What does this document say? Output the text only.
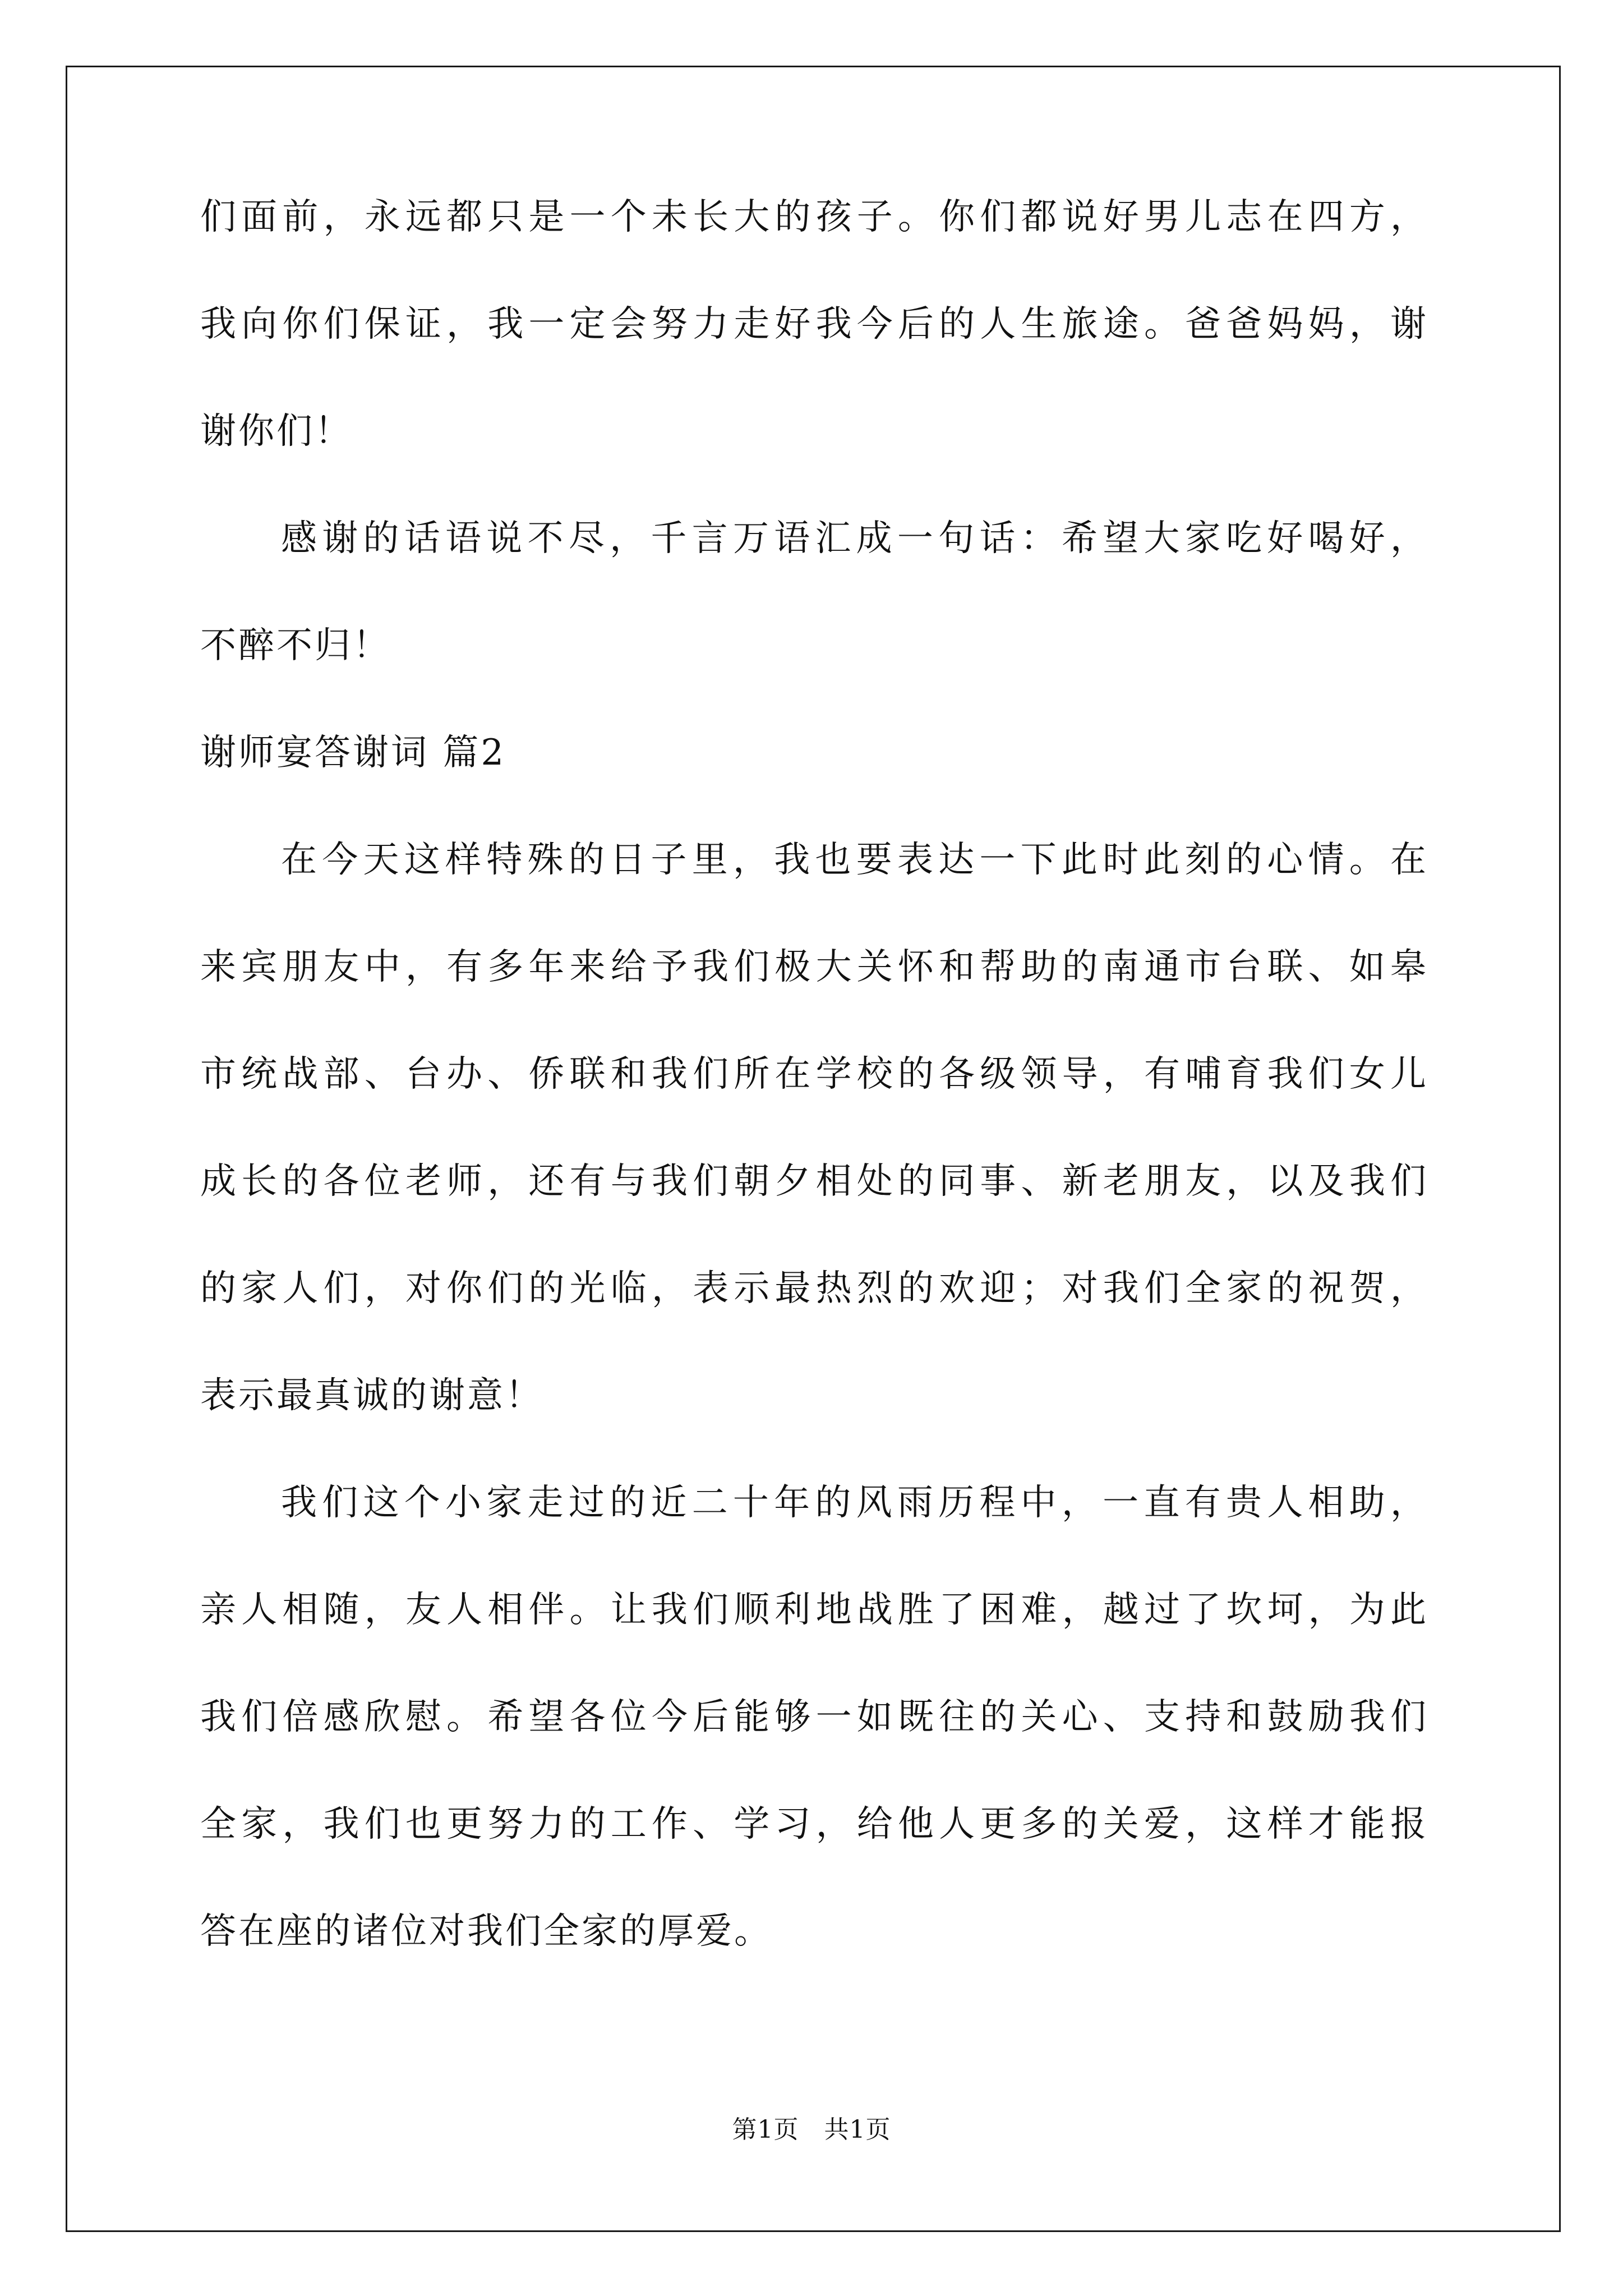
们面前，永远都只是一个未长大的孩子。你们都说好男儿志在四方，
我向你们保证，我一定会努力走好我今后的人生旅途。爸爸妈妈，谢
谢你们！
感谢的话语说不尽，千言万语汇成一句话：希望大家吃好喝好，
不醉不归！
谢师宴答谢词 篇2
在今天这样特殊的日子里，我也要表达一下此时此刻的心情。在
来宾朋友中，有多年来给予我们极大关怀和帮助的南通市台联、如皋
市统战部、台办、侨联和我们所在学校的各级领导，有哺育我们女儿
成长的各位老师，还有与我们朝夕相处的同事、新老朋友，以及我们
的家人们，对你们的光临，表示最热烈的欢迎；对我们全家的祝贺，
表示最真诚的谢意！
我们这个小家走过的近二十年的风雨历程中，一直有贵人相助，
亲人相随，友人相伴。让我们顺利地战胜了困难，越过了坎坷，为此
我们倍感欣慰。希望各位今后能够一如既往的关心、支持和鼓励我们
全家，我们也更努力的工作、学习，给他人更多的关爱，这样才能报
答在座的诸位对我们全家的厚爱。
第1页　共1页
